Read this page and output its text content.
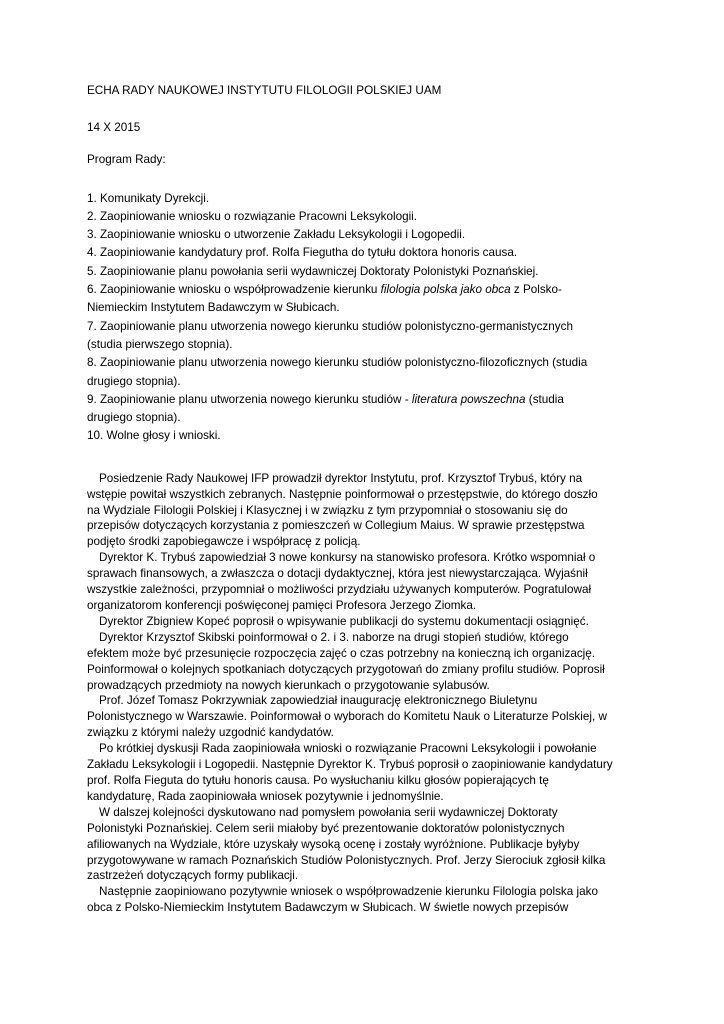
ECHA RADY NAUKOWEJ INSTYTUTU FILOLOGII POLSKIEJ UAM
14 X 2015
Program Rady:
1. Komunikaty Dyrekcji.
2. Zaopiniowanie wniosku o rozwiązanie Pracowni Leksykologii.
3. Zaopiniowanie wniosku o utworzenie Zakładu Leksykologii i Logopedii.
4. Zaopiniowanie kandydatury prof. Rolfa Fiegutha do tytułu doktora honoris causa.
5. Zaopiniowanie planu powołania serii wydawniczej Doktoraty Polonistyki Poznańskiej.
6. Zaopiniowanie wniosku o współprowadzenie kierunku filologia polska jako obca z Polsko-
Niemieckim Instytutem Badawczym w Słubicach.
7. Zaopiniowanie planu utworzenia nowego kierunku studiów polonistyczno-germanistycznych
(studia pierwszego stopnia).
8. Zaopiniowanie planu utworzenia nowego kierunku studiów polonistyczno-filozoficznych (studia
drugiego stopnia).
9. Zaopiniowanie planu utworzenia nowego kierunku studiów - literatura powszechna (studia
drugiego stopnia).
10. Wolne głosy i wnioski.
Posiedzenie Rady Naukowej IFP prowadził dyrektor Instytutu, prof. Krzysztof Trybuś, który na
wstępie powitał wszystkich zebranych. Następnie poinformował o przestępstwie, do którego doszło
na Wydziale Filologii Polskiej i Klasycznej i w związku z tym przypomniał o stosowaniu się do
przepisów dotyczących korzystania z pomieszczeń w Collegium Maius. W sprawie przestępstwa
podjęto środki zapobiegawcze i współpracę z policją.
Dyrektor K. Trybuś zapowiedział 3 nowe konkursy na stanowisko profesora. Krótko wspomniał o
sprawach finansowych, a zwłaszcza o dotacji dydaktycznej, która jest niewystarczająca. Wyjaśnił
wszystkie zależności, przypomniał o możliwości przydziału używanych komputerów. Pogratulował
organizatorom konferencji poświęconej pamięci Profesora Jerzego Ziomka.
Dyrektor Zbigniew Kopeć poprosił o wpisywanie publikacji do systemu dokumentacji osiągnięć.
Dyrektor Krzysztof Skibski poinformował o 2. i 3. naborze na drugi stopień studiów, którego
efektem może być przesunięcie rozpoczęcia zajęć o czas potrzebny na konieczną ich organizację.
Poinformował o kolejnych spotkaniach dotyczących przygotowań do zmiany profilu studiów. Poprosił
prowadzących przedmioty na nowych kierunkach o przygotowanie sylabusów.
Prof. Józef Tomasz Pokrzywniak zapowiedział inaugurację elektronicznego Biuletynu
Polonistycznego w Warszawie. Poinformował o wyborach do Komitetu Nauk o Literaturze Polskiej, w
związku z którymi należy uzgodnić kandydatów.
Po krótkiej dyskusji Rada zaopiniowała wnioski o rozwiązanie Pracowni Leksykologii i powołanie
Zakładu Leksykologii i Logopedii. Następnie Dyrektor K. Trybuś poprosił o zaopiniowanie kandydatury
prof. Rolfa Fieguta do tytułu honoris causa. Po wysłuchaniu kilku głosów popierających tę
kandydaturę, Rada zaopiniowała wniosek pozytywnie i jednomyślnie.
W dalszej kolejności dyskutowano nad pomysłem powołania serii wydawniczej Doktoraty
Polonistyki Poznańskiej. Celem serii miałoby być prezentowanie doktoratów polonistycznych
afiliowanych na Wydziale, które uzyskały wysoką ocenę i zostały wyróżnione. Publikacje byłyby
przygotowywane w ramach Poznańskich Studiów Polonistycznych. Prof. Jerzy Sierociuk zgłosił kilka
zastrzeżeń dotyczących formy publikacji.
Następnie zaopiniowano pozytywnie wniosek o współprowadzenie kierunku Filologia polska jako
obca z Polsko-Niemieckim Instytutem Badawczym w Słubicach. W świetle nowych przepisów
